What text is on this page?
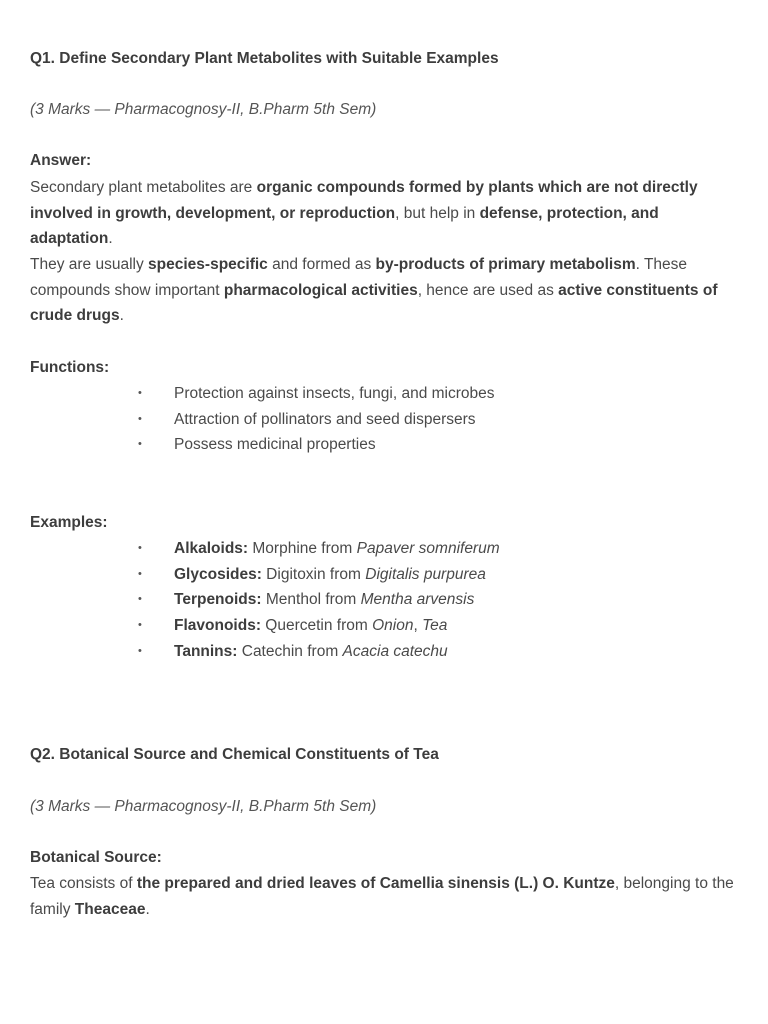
Q1. Define Secondary Plant Metabolites with Suitable Examples
(3 Marks — Pharmacognosy-II, B.Pharm 5th Sem)
Answer:
Secondary plant metabolites are organic compounds formed by plants which are not directly involved in growth, development, or reproduction, but help in defense, protection, and adaptation.
They are usually species-specific and formed as by-products of primary metabolism. These compounds show important pharmacological activities, hence are used as active constituents of crude drugs.
Functions:
• Protection against insects, fungi, and microbes
• Attraction of pollinators and seed dispersers
• Possess medicinal properties
Examples:
• Alkaloids: Morphine from Papaver somniferum
• Glycosides: Digitoxin from Digitalis purpurea
• Terpenoids: Menthol from Mentha arvensis
• Flavonoids: Quercetin from Onion, Tea
• Tannins: Catechin from Acacia catechu
Q2. Botanical Source and Chemical Constituents of Tea
(3 Marks — Pharmacognosy-II, B.Pharm 5th Sem)
Botanical Source:
Tea consists of the prepared and dried leaves of Camellia sinensis (L.) O. Kuntze, belonging to the family Theaceae.
